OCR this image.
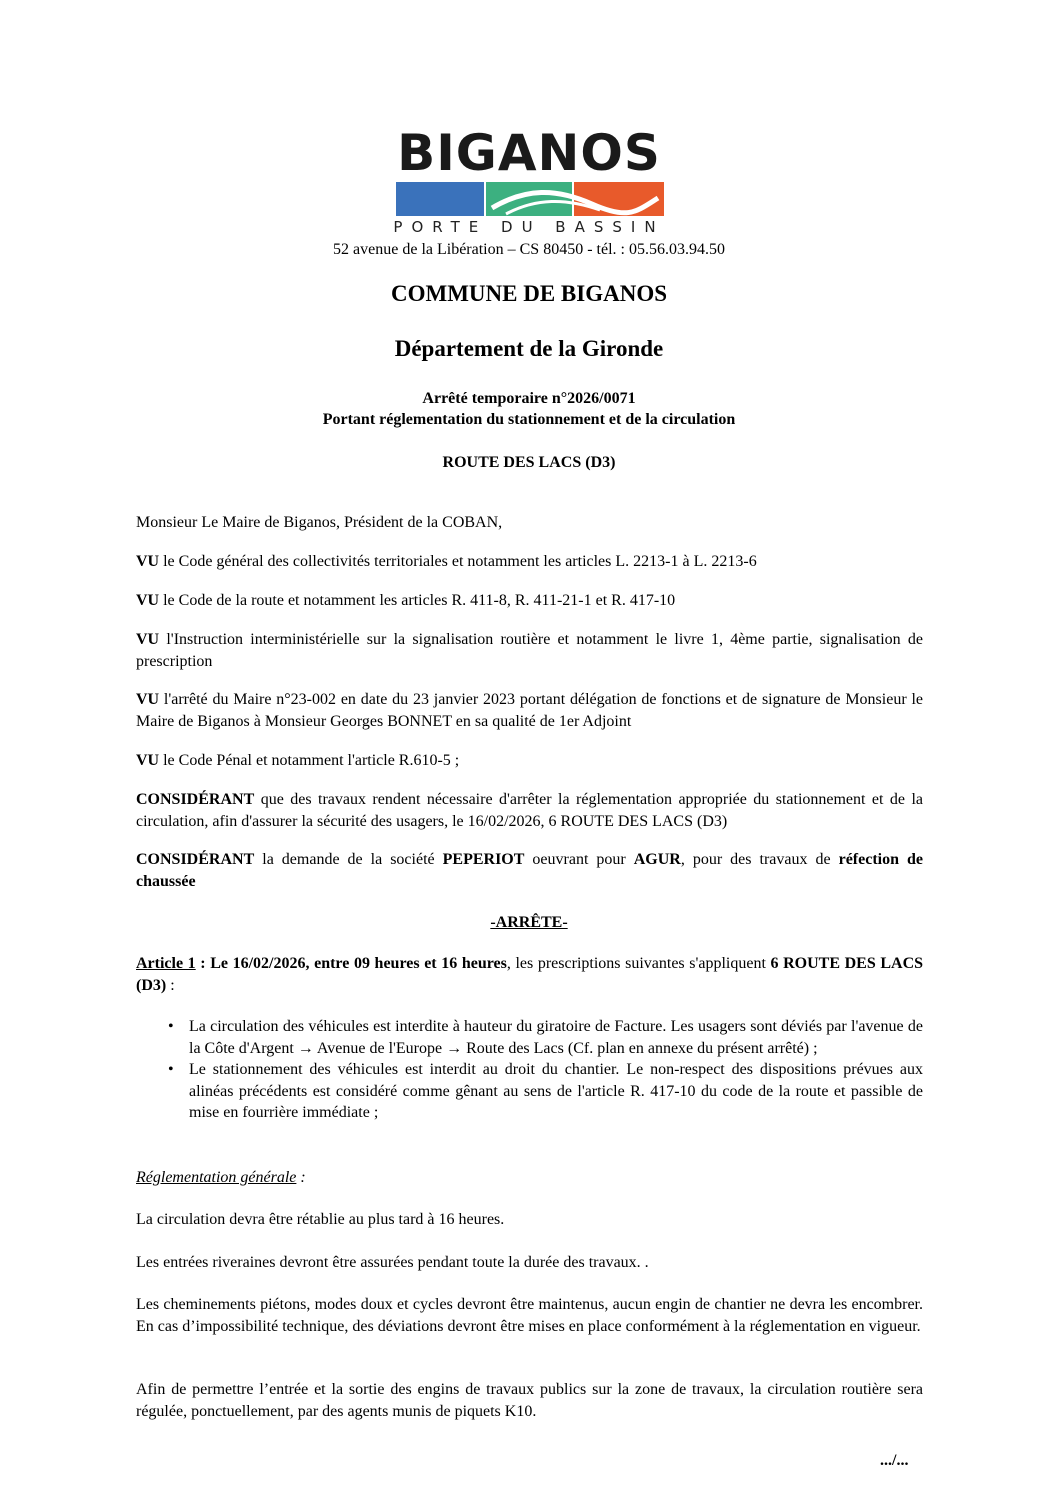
BIGANOS
PORTE DU BASSIN
52 avenue de la Libération – CS 80450 - tél. : 05.56.03.94.50
COMMUNE DE BIGANOS
Département de la Gironde
Arrêté temporaire n°2026/0071
Portant réglementation du stationnement et de la circulation
ROUTE DES LACS (D3)

Monsieur Le Maire de Biganos, Président de la COBAN,

VU le Code général des collectivités territoriales et notamment les articles L. 2213-1 à L. 2213-6

VU le Code de la route et notamment les articles R. 411-8, R. 411-21-1 et R. 417-10

VU l'Instruction interministérielle sur la signalisation routière et notamment le livre 1, 4ème partie, signalisation de prescription

VU l'arrêté du Maire n°23-002 en date du 23 janvier 2023 portant délégation de fonctions et de signature de Monsieur le Maire de Biganos à Monsieur Georges BONNET en sa qualité de 1er Adjoint

VU le Code Pénal et notamment l'article R.610-5 ;

CONSIDÉRANT que des travaux rendent nécessaire d'arrêter la réglementation appropriée du stationnement et de la circulation, afin d'assurer la sécurité des usagers, le 16/02/2026, 6 ROUTE DES LACS (D3)

CONSIDÉRANT la demande de la société PEPERIOT oeuvrant pour AGUR, pour des travaux de réfection de chaussée

-ARRÊTE-

Article 1 : Le 16/02/2026, entre 09 heures et 16 heures, les prescriptions suivantes s'appliquent 6 ROUTE DES LACS (D3) :

• La circulation des véhicules est interdite à hauteur du giratoire de Facture. Les usagers sont déviés par l'avenue de la Côte d'Argent → Avenue de l'Europe → Route des Lacs (Cf. plan en annexe du présent arrêté) ;
• Le stationnement des véhicules est interdit au droit du chantier. Le non-respect des dispositions prévues aux alinéas précédents est considéré comme gênant au sens de l'article R. 417-10 du code de la route et passible de mise en fourrière immédiate ;

Réglementation générale :

La circulation devra être rétablie au plus tard à 16 heures.

Les entrées riveraines devront être assurées pendant toute la durée des travaux. .

Les cheminements piétons, modes doux et cycles devront être maintenus, aucun engin de chantier ne devra les encombrer. En cas d’impossibilité technique, des déviations devront être mises en place conformément à la réglementation en vigueur.

Afin de permettre l’entrée et la sortie des engins de travaux publics sur la zone de travaux, la circulation routière sera régulée, ponctuellement, par des agents munis de piquets K10.

.../...
